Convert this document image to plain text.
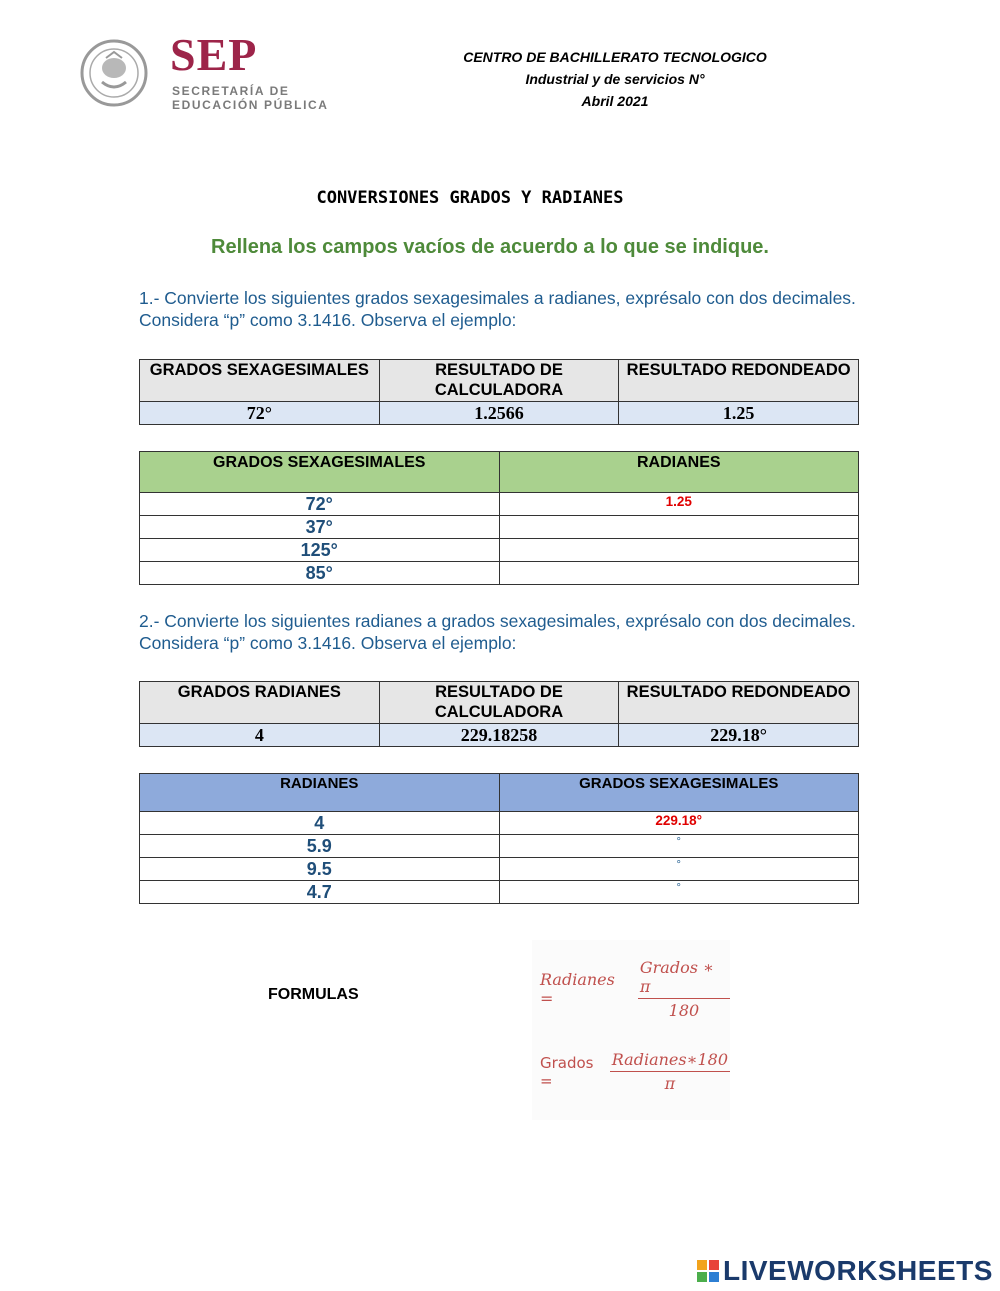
SEP
SECRETARÍA DE
EDUCACIÓN PÚBLICA
CENTRO DE BACHILLERATO TECNOLOGICO
Industrial y de servicios N°
Abril 2021
CONVERSIONES GRADOS Y RADIANES
Rellena los campos vacíos de acuerdo a lo que se indique.
1.- Convierte los siguientes grados sexagesimales a radianes, exprésalo con dos decimales. Considera “p” como 3.1416. Observa el ejemplo:
GRADOS SEXAGESIMALES	RESULTADO DE CALCULADORA	RESULTADO REDONDEADO
72°	1.2566	1.25
GRADOS SEXAGESIMALES	RADIANES
72°	1.25
37°	
125°	
85°	
2.- Convierte los siguientes radianes a grados sexagesimales, exprésalo con dos decimales. Considera “p” como 3.1416. Observa el ejemplo:
GRADOS RADIANES	RESULTADO DE CALCULADORA	RESULTADO REDONDEADO
4	229.18258	229.18°
RADIANES	GRADOS SEXAGESIMALES
4	229.18°
5.9	°
9.5	°
4.7	°
FORMULAS
Radianes =	$\frac{\text{Grados ∗ π}}{180}$
Grados =	$\frac{\text{Radianes∗180}}{\pi}$
LIVEWORKSHEETS
